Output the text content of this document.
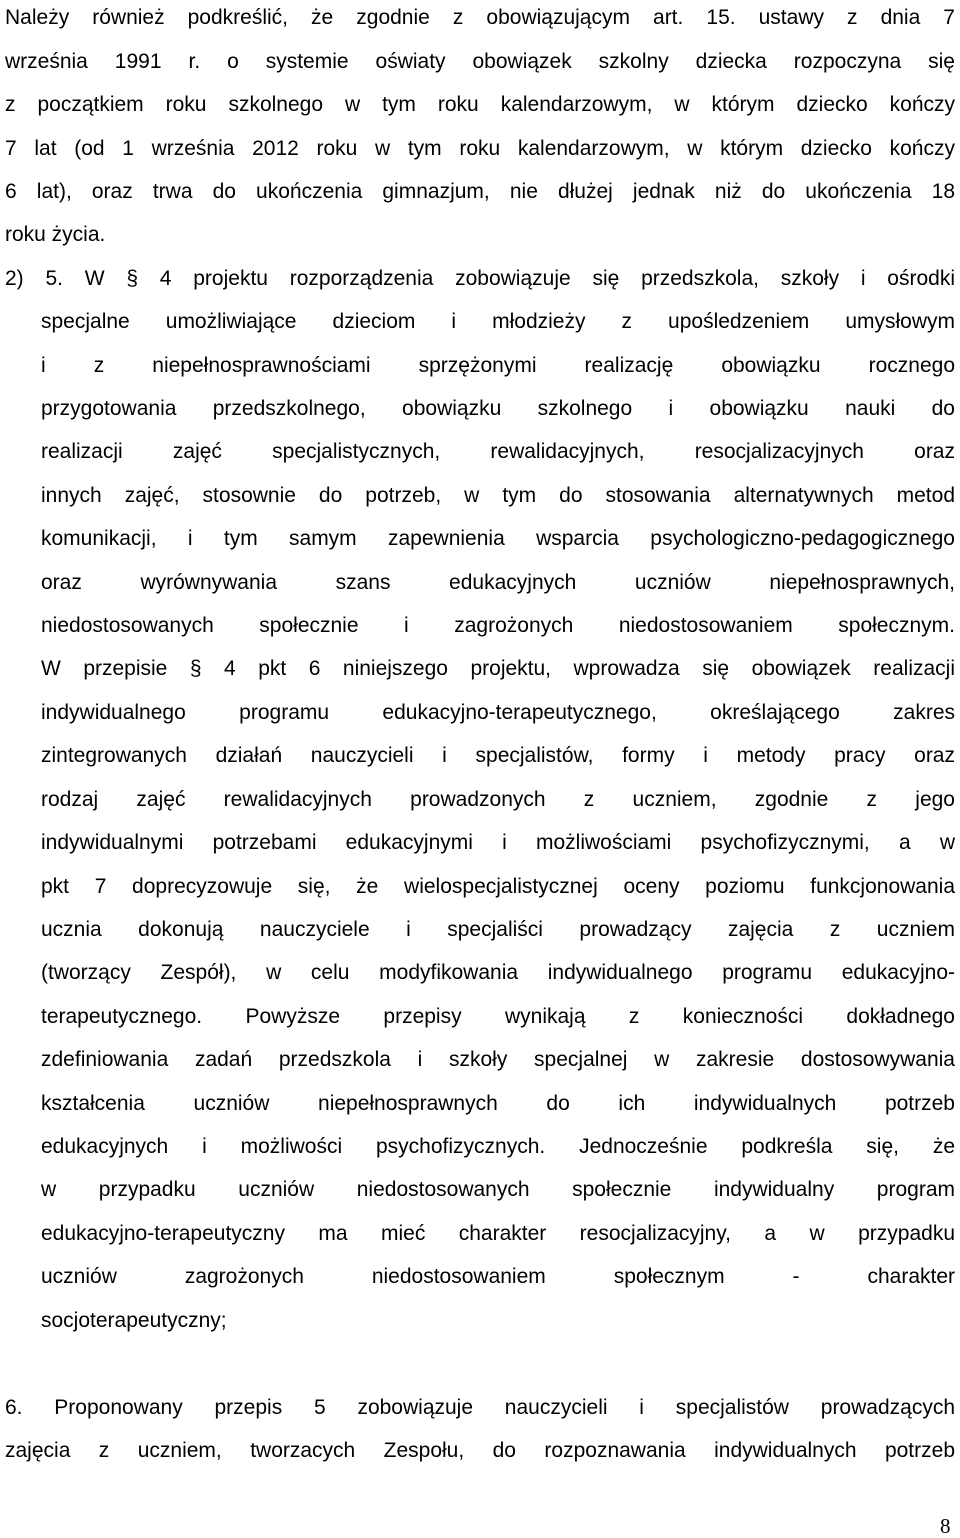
Należy również podkreślić, że zgodnie z obowiązującym art. 15. ustawy z dnia 7
września 1991 r. o systemie oświaty obowiązek szkolny dziecka rozpoczyna się
z początkiem roku szkolnego w tym roku kalendarzowym, w którym dziecko kończy
7 lat (od 1 września 2012 roku w tym roku kalendarzowym, w którym dziecko kończy
6 lat), oraz trwa do ukończenia gimnazjum, nie dłużej jednak niż do ukończenia 18
roku życia.
2) 5. W § 4 projektu rozporządzenia zobowiązuje się przedszkola, szkoły i ośrodki
specjalne umożliwiające dzieciom i młodzieży z upośledzeniem umysłowym
i z niepełnosprawnościami sprzężonymi realizację obowiązku rocznego
przygotowania przedszkolnego, obowiązku szkolnego i obowiązku nauki do
realizacji zajęć specjalistycznych, rewalidacyjnych, resocjalizacyjnych oraz
innych zajęć, stosownie do potrzeb, w tym do stosowania alternatywnych metod
komunikacji, i tym samym zapewnienia wsparcia psychologiczno-pedagogicznego
oraz wyrównywania szans edukacyjnych uczniów niepełnosprawnych,
niedostosowanych społecznie i zagrożonych niedostosowaniem społecznym.
W przepisie § 4 pkt 6 niniejszego projektu, wprowadza się obowiązek realizacji
indywidualnego programu edukacyjno-terapeutycznego, określającego zakres
zintegrowanych działań nauczycieli i specjalistów, formy i metody pracy oraz
rodzaj zajęć rewalidacyjnych prowadzonych z uczniem, zgodnie z jego
indywidualnymi potrzebami edukacyjnymi i możliwościami psychofizycznymi, a w
pkt 7 doprecyzowuje się, że wielospecjalistycznej oceny poziomu funkcjonowania
ucznia dokonują nauczyciele i specjaliści prowadzący zajęcia z uczniem
(tworzący Zespół), w celu modyfikowania indywidualnego programu edukacyjno-
terapeutycznego. Powyższe przepisy wynikają z konieczności dokładnego
zdefiniowania zadań przedszkola i szkoły specjalnej w zakresie dostosowywania
kształcenia uczniów niepełnosprawnych do ich indywidualnych potrzeb
edukacyjnych i możliwości psychofizycznych. Jednocześnie podkreśla się, że
w przypadku uczniów niedostosowanych społecznie indywidualny program
edukacyjno-terapeutyczny ma mieć charakter resocjalizacyjny, a w przypadku
uczniów zagrożonych niedostosowaniem społecznym - charakter
socjoterapeutyczny;
6. Proponowany przepis 5 zobowiązuje nauczycieli i specjalistów prowadzących
zajęcia z uczniem, tworzacych Zespołu, do rozpoznawania indywidualnych potrzeb
8
